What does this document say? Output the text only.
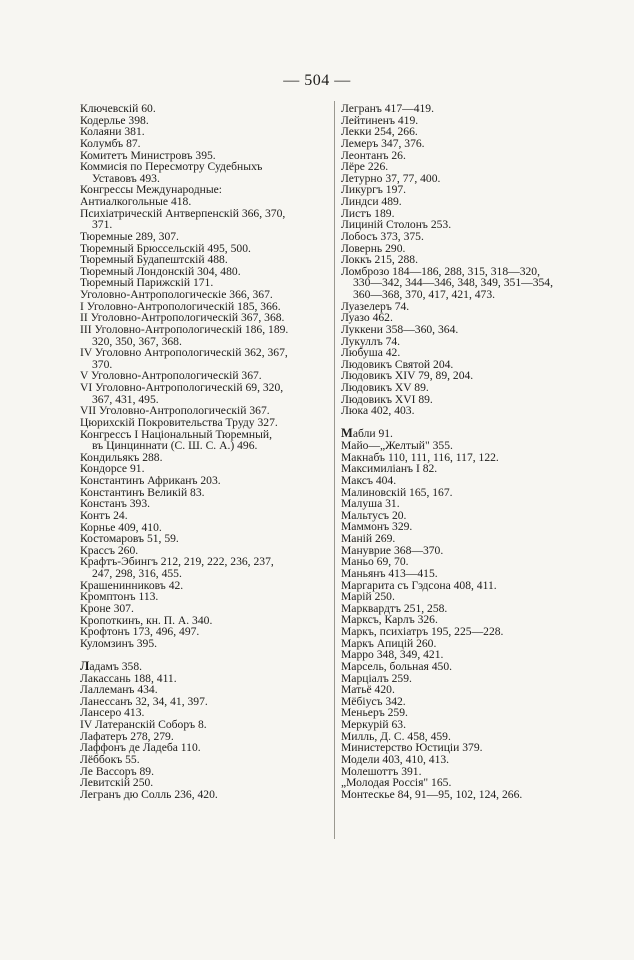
— 504 —
Ключевскій 60.
Кодерлье 398.
Колаяни 381.
Колумбъ 87.
Комитетъ Министровъ 395.
Коммисія по Пересмотру Судебныхъ
Уставовъ 493.
Конгрессы Международные:
Антиалкогольные 418.
Психіатрическій Антверпенскій 366, 370,
371.
Тюремные 289, 307.
Тюремный Брюссельскій 495, 500.
Тюремный Будапештскій 488.
Тюремный Лондонскій 304, 480.
Тюремный Парижскій 171.
Уголовно-Антропологическіе 366, 367.
I Уголовно-Антропологическій 185, 366.
II Уголовно-Антропологическій 367, 368.
III Уголовно-Антропологическій 186, 189.
320, 350, 367, 368.
IV Уголовно Антропологическій 362, 367,
370.
V Уголовно-Антропологическій 367.
VI Уголовно-Антропологическій 69, 320,
367, 431, 495.
VII Уголовно-Антропологическій 367.
Цюрихскій Покровительства Труду 327.
Конгрессъ I Національный Тюремный,
въ Цинциннати (С. Ш. С. А.) 496.
Кондильякъ 288.
Кондорсе 91.
Константинъ Африканъ 203.
Константинъ Великій 83.
Констанъ 393.
Контъ 24.
Корнье 409, 410.
Костомаровъ 51, 59.
Крассъ 260.
Крафтъ-Эбингъ 212, 219, 222, 236, 237,
247, 298, 316, 455.
Крашенинниковъ 42.
Кромптонъ 113.
Кроне 307.
Кропоткинъ, кн. П. А. 340.
Крофтонъ 173, 496, 497.
Куломзинъ 395.
Ладамъ 358.
Лакассань 188, 411.
Лаллеманъ 434.
Ланессанъ 32, 34, 41, 397.
Лансеро 413.
IV Латеранскій Соборъ 8.
Лафатеръ 278, 279.
Лаффонъ де Ладеба 110.
Лёббокъ 55.
Ле Вассоръ 89.
Левитскій 250.
Легранъ дю Солль 236, 420.
Легранъ 417—419.
Лейтиненъ 419.
Лекки 254, 266.
Лемеръ 347, 376.
Леонтанъ 26.
Лёре 226.
Летурно 37, 77, 400.
Ликургъ 197.
Линдси 489.
Листъ 189.
Лициній Столонъ 253.
Лобосъ 373, 375.
Ловернь 290.
Локкъ 215, 288.
Ломброзо 184—186, 288, 315, 318—320,
330—342, 344—346, 348, 349, 351—354,
360—368, 370, 417, 421, 473.
Луазелеръ 74.
Луазо 462.
Луккени 358—360, 364.
Лукуллъ 74.
Любуша 42.
Людовикъ Святой 204.
Людовикъ XIV 79, 89, 204.
Людовикъ XV 89.
Людовикъ XVI 89.
Люка 402, 403.
Мабли 91.
Майо—„Желтый" 355.
Макнабъ 110, 111, 116, 117, 122.
Максимиліанъ I 82.
Максъ 404.
Малиновскій 165, 167.
Малуша 31.
Мальтусъ 20.
Маммонъ 329.
Маній 269.
Мануврие 368—370.
Маньо 69, 70.
Маньянъ 413—415.
Маргарита съ Гэдсона 408, 411.
Марій 250.
Марквардтъ 251, 258.
Марксъ, Карлъ 326.
Маркъ, психіатръ 195, 225—228.
Маркъ Апицій 260.
Марро 348, 349, 421.
Марсель, больная 450.
Марціалъ 259.
Матьё 420.
Мёбіусъ 342.
Меньеръ 259.
Меркурій 63.
Милль, Д. С. 458, 459.
Министерство Юстиціи 379.
Модели 403, 410, 413.
Молешоттъ 391.
„Молодая Россія" 165.
Монтескье 84, 91—95, 102, 124, 266.
